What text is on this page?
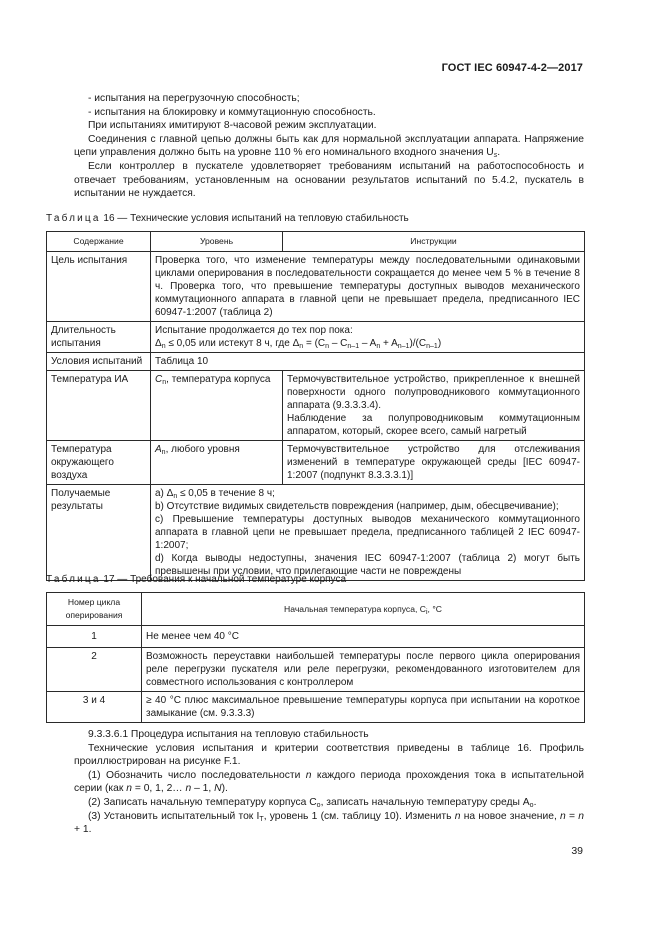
ГОСТ IEC 60947-4-2—2017
- испытания на перегрузочную способность;
- испытания на блокировку и коммутационную способность.
При испытаниях имитируют 8-часовой режим эксплуатации.
Соединения с главной цепью должны быть как для нормальной эксплуатации аппарата. Напряжение цепи управления должно быть на уровне 110 % его номинального входного значения $U_s$.
Если контроллер в пускателе удовлетворяет требованиям испытаний на работоспособность и отвечает требованиям, установленным на основании результатов испытаний по 5.4.2, пускатель в испытании не нуждается.
Таблица 16 — Технические условия испытаний на тепловую стабильность
Содержание	Уровень	Инструкции
Цель испытания	Проверка того, что изменение температуры между последовательными одинаковыми циклами оперирования в последовательности сокращается до менее чем 5 % в течение 8 ч. Проверка того, что превышение температуры доступных выводов механического коммутационного аппарата в главной цепи не превышает предела, предписанного IEC 60947-1:2007 (таблица 2)	
Длительность испытания	Испытание продолжается до тех пор пока:
$\Delta_n \le 0,05$ или истекут 8 ч, где $\Delta_n = (C_n - C_{n-1} - A_n + A_{n-1})/(C_{n-1})$	

Условия испытаний	Таблица 10	
Температура ИА	$C_n$, температура корпуса	Термочувствительное устройство, прикрепленное к внешней поверхности одного полупроводникового коммутационного аппарата (9.3.3.3.4).
Наблюдение за полупроводниковым коммутационным аппаратом, который, скорее всего, самый нагретый

Температура окружающего воздуха	$A_n$, любого уровня	Термочувствительное устройство для отслеживания изменений в температуре окружающей среды [IEC 60947-1:2007 (подпункт 8.3.3.3.1)]
Получаемые результаты	a) $\Delta_n \le 0,05$ в течение 8 ч;
b) Отсутствие видимых свидетельств повреждения (например, дым, обесцвечивание);
c) Превышение температуры доступных выводов механического коммутационного аппарата в главной цепи не превышает предела, предписанного таблицей 2 IEC 60947-1:2007;
d) Когда выводы недоступны, значения IEC 60947-1:2007 (таблица 2) могут быть превышены при условии, что прилегающие части не повреждены	
Таблица 17 — Требования к начальной температуре корпуса
Номер цикла оперирования	Начальная температура корпуса, $C_i$, °C
1	Не менее чем 40 °C
2	Возможность переуставки наибольшей температуры после первого цикла оперирования реле перегрузки пускателя или реле перегрузки, рекомендованного изготовителем для совместного использования с контроллером
3 и 4	≥ 40 °C плюс максимальное превышение температуры корпуса при испытании на короткое замыкание (см. 9.3.3.3)
9.3.3.6.1 Процедура испытания на тепловую стабильность
Технические условия испытания и критерии соответствия приведены в таблице 16. Профиль проиллюстрирован на рисунке F.1.
(1) Обозначить число последовательности n каждого периода прохождения тока в испытательной серии (как n = 0, 1, 2… n – 1, N).
(2) Записать начальную температуру корпуса $C_o$, записать начальную температуру среды $A_o$.
(3) Установить испытательный ток $I_T$, уровень 1 (см. таблицу 10). Изменить n на новое значение, n = n + 1.
39
